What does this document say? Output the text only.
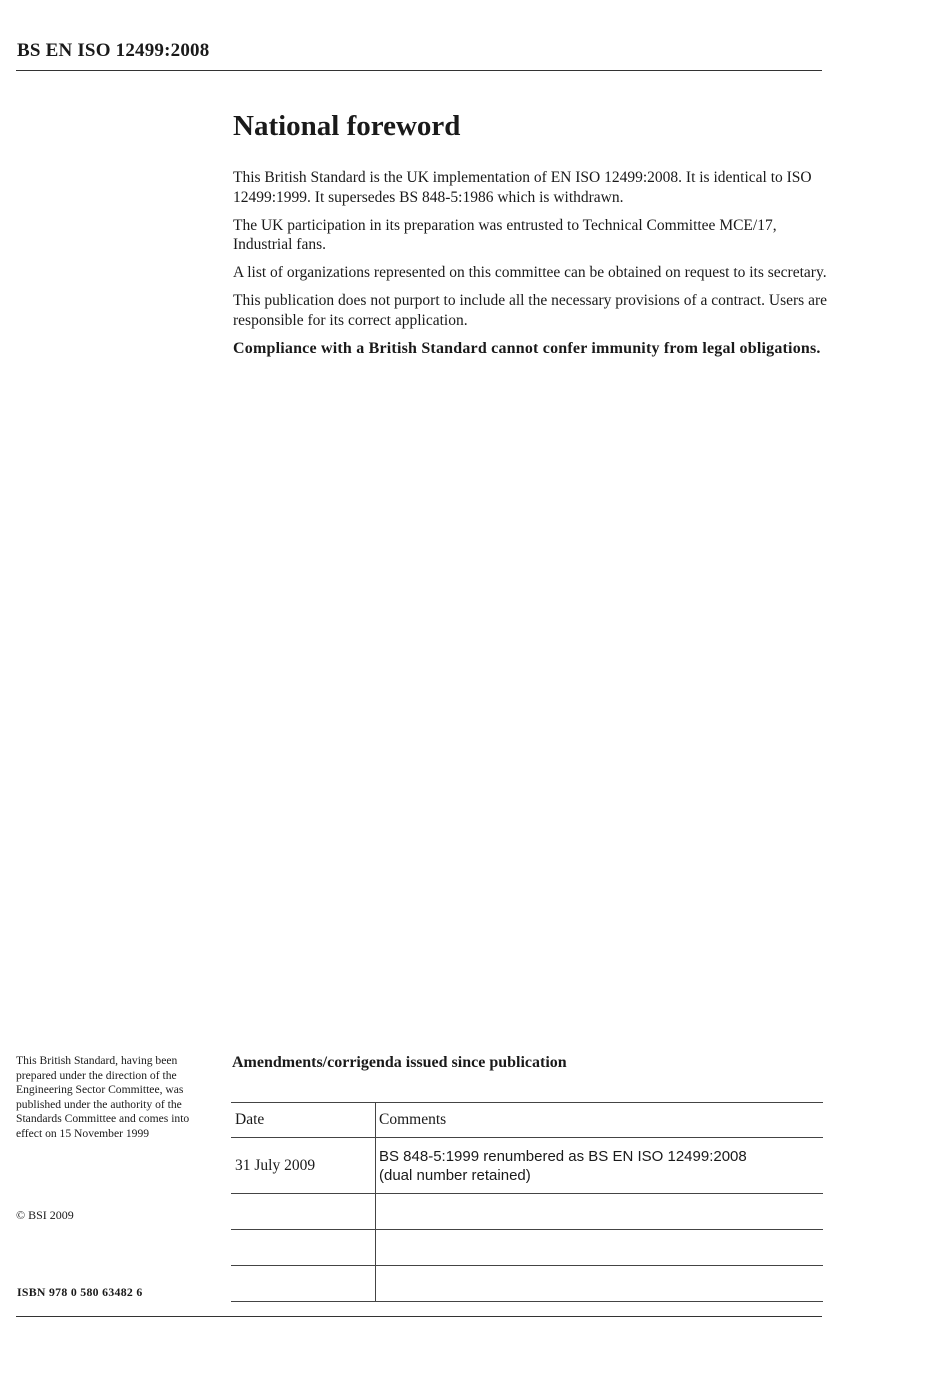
BS EN ISO 12499:2008
National foreword

This British Standard is the UK implementation of EN ISO 12499:2008. It is identical to ISO 12499:1999. It supersedes BS 848-5:1986 which is withdrawn.

The UK participation in its preparation was entrusted to Technical Committee MCE/17, Industrial fans.

A list of organizations represented on this committee can be obtained on request to its secretary.

This publication does not purport to include all the necessary provisions of a contract. Users are responsible for its correct application.

Compliance with a British Standard cannot confer immunity from legal obligations.

This British Standard, having been prepared under the direction of the Engineering Sector Committee, was published under the authority of the Standards Committee and comes into effect on 15 November 1999
© BSI 2009
ISBN 978 0 580 63482 6
Amendments/corrigenda issued since publication
Date	Comments
31 July 2009	BS 848-5:1999 renumbered as BS EN ISO 12499:2008
(dual number retained)
